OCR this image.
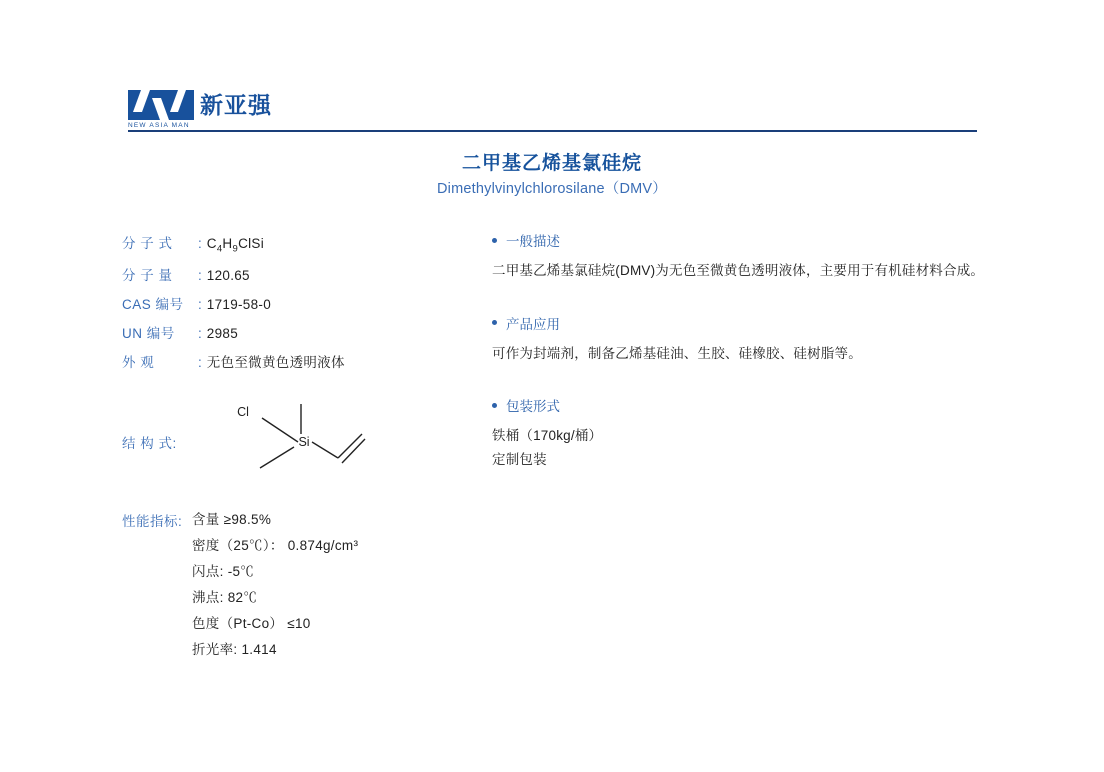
新亚强
NEW ASIA MAN
二甲基乙烯基氯硅烷
Dimethylvinylchlorosilane（DMV）
分 子 式	: $C_4H_9ClSi$
分 子 量	: 120.65
CAS 编号	: 1719-58-0
UN 编号	: 2985
外 观	: 无色至微黄色透明液体
结 构 式:
Cl
Si
性能指标: 含量 ≥98.5%
密度（25℃）： 0.874g/cm³
闪点: -5℃
沸点: 82℃
色度（Pt-Co） ≤10
折光率: 1.414
一般描述
二甲基乙烯基氯硅烷(DMV)为无色至微黄色透明液体，主要用于有机硅材料合成。
产品应用
可作为封端剂，制备乙烯基硅油、生胶、硅橡胶、硅树脂等。
包装形式
铁桶（170kg/桶）
定制包装
